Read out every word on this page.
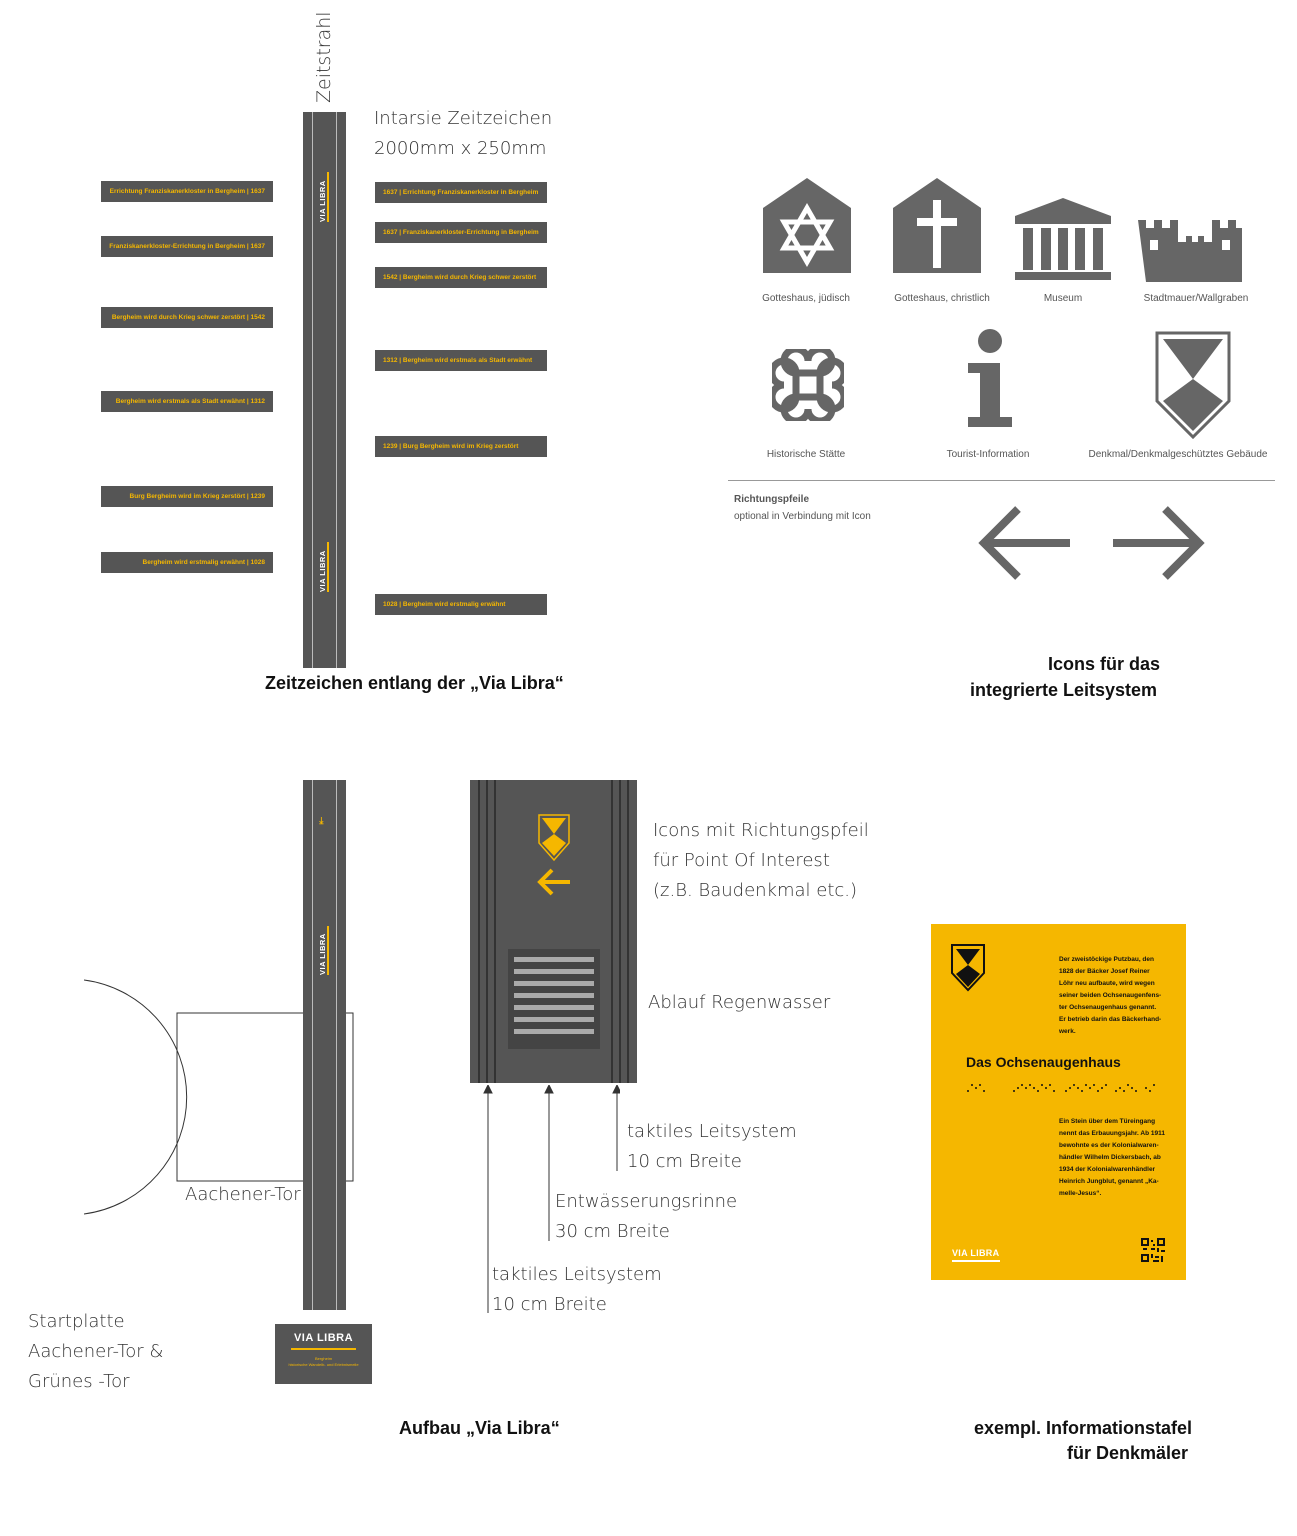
Zeitstrahl
VIA LIBRA
VIA LIBRA
Intarsie Zeitzeichen
2000mm x 250mm
Errichtung Franziskanerkloster in Bergheim | 1637
Franziskanerkloster-Errichtung in Bergheim | 1637
Bergheim wird durch Krieg schwer zerstört | 1542
Bergheim wird erstmals als Stadt erwähnt | 1312
Burg Bergheim wird im Krieg zerstört | 1239
Bergheim wird erstmalig erwähnt | 1028
1637 | Errichtung Franziskanerkloster in Bergheim
1637 | Franziskanerkloster-Errichtung in Bergheim
1542 | Bergheim wird durch Krieg schwer zerstört
1312 | Bergheim wird erstmals als Stadt erwähnt
1239 | Burg Bergheim wird im Krieg zerstört
1028 | Bergheim wird erstmalig erwähnt
Zeitzeichen entlang der „Via Libra“
Gotteshaus, jüdisch	Gotteshaus, christlich	Museum	Stadtmauer/Wallgraben
Historische Stätte	Tourist-Information	Denkmal/Denkmalgeschütztes Gebäude
Richtungspfeile
optional in Verbindung mit Icon
Icons für das
integrierte Leitsystem
Aachener-Tor
⇤
VIA LIBRA
VIA LIBRA
Bergheim
historische Wandelb- und Erlebnismeile
Startplatte
Aachener-Tor &
Grünes -Tor
Icons mit Richtungspfeil
für Point Of Interest
(z.B. Baudenkmal etc.)
Ablauf Regenwasser
taktiles Leitsystem
10 cm Breite
Entwässerungsrinne
30 cm Breite
taktiles Leitsystem
10 cm Breite
Aufbau „Via Libra“
Der zweistöckige Putzbau, den
1828 der Bäcker Josef Reiner
Löhr neu aufbaute, wird wegen
seiner beiden Ochsenaugenfens-
ter Ochsenaugenhaus genannt.
Er betrieb darin das Bäckerhand-
werk.
Das Ochsenaugenhaus
Ein Stein über dem Türeingang
nennt das Erbauungsjahr. Ab 1911
bewohnte es der Kolonialwaren-
händler Wilhelm Dickersbach, ab
1934 der Kolonialwarenhändler
Heinrich Jungblut, genannt „Ka-
melle-Jesus“.
VIA LIBRA
exempl. Informationstafel
für Denkmäler
